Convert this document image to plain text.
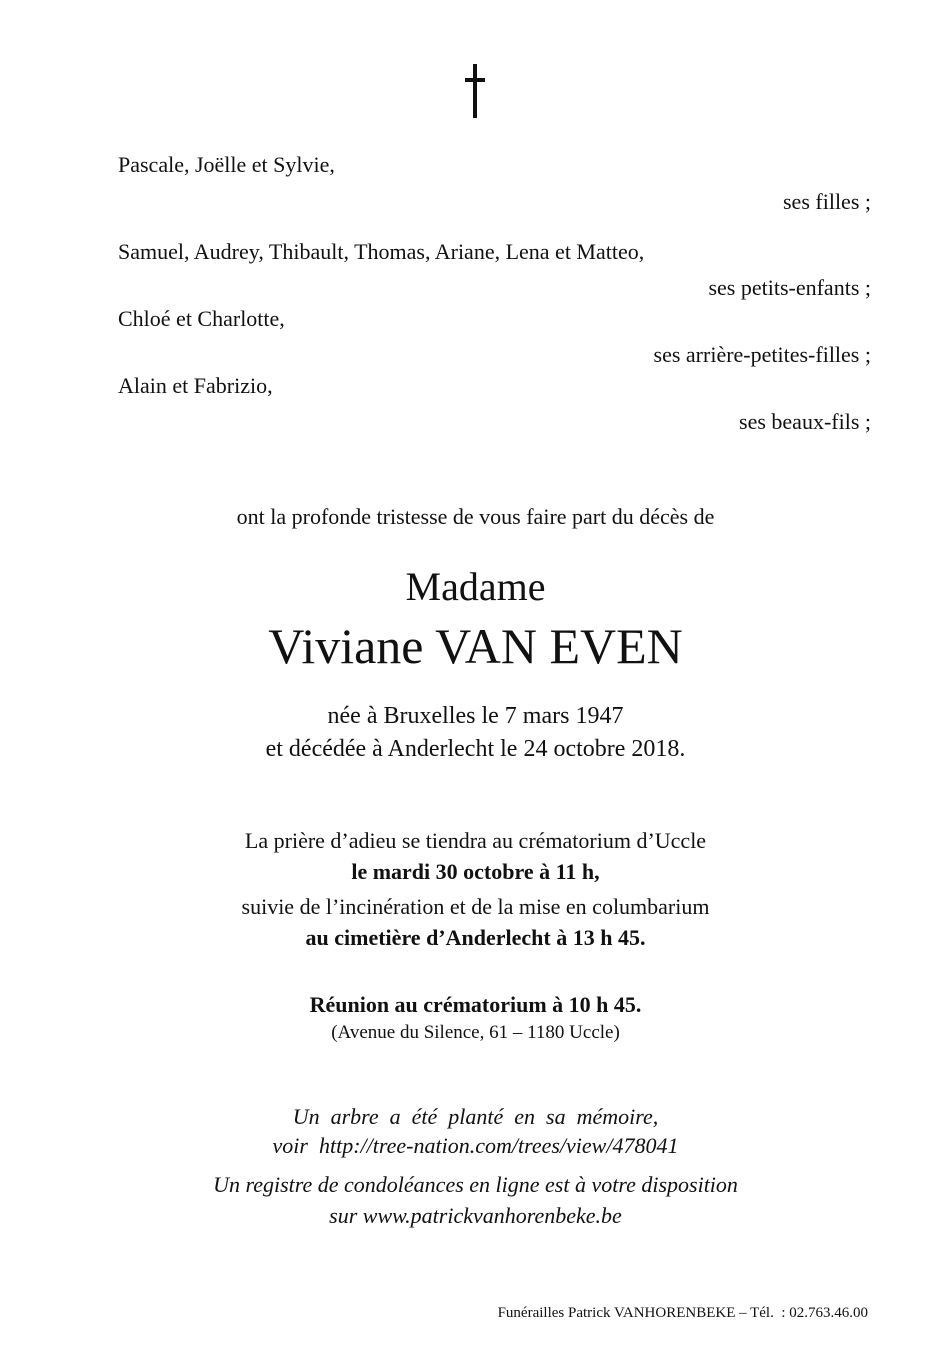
Pascale, Joëlle et Sylvie,
ses filles ;
Samuel, Audrey, Thibault, Thomas, Ariane, Lena et Matteo,
ses petits-enfants ;
Chloé et Charlotte,
ses arrière-petites-filles ;
Alain et Fabrizio,
ses beaux-fils ;
ont la profonde tristesse de vous faire part du décès de
Madame
Viviane VAN EVEN
née à Bruxelles le 7 mars 1947
et décédée à Anderlecht le 24 octobre 2018.
La prière d’adieu se tiendra au crématorium d’Uccle
le mardi 30 octobre à 11 h,
suivie de l’incinération et de la mise en columbarium
au cimetière d’Anderlecht à 13 h 45.
Réunion au crématorium à 10 h 45.
(Avenue du Silence, 61 – 1180 Uccle)
Un  arbre  a  été  planté  en  sa  mémoire,
voir  http://tree-nation.com/trees/view/478041
Un registre de condoléances en ligne est à votre disposition
sur www.patrickvanhorenbeke.be
Funérailles Patrick VANHORENBEKE – Tél.  : 02.763.46.00
